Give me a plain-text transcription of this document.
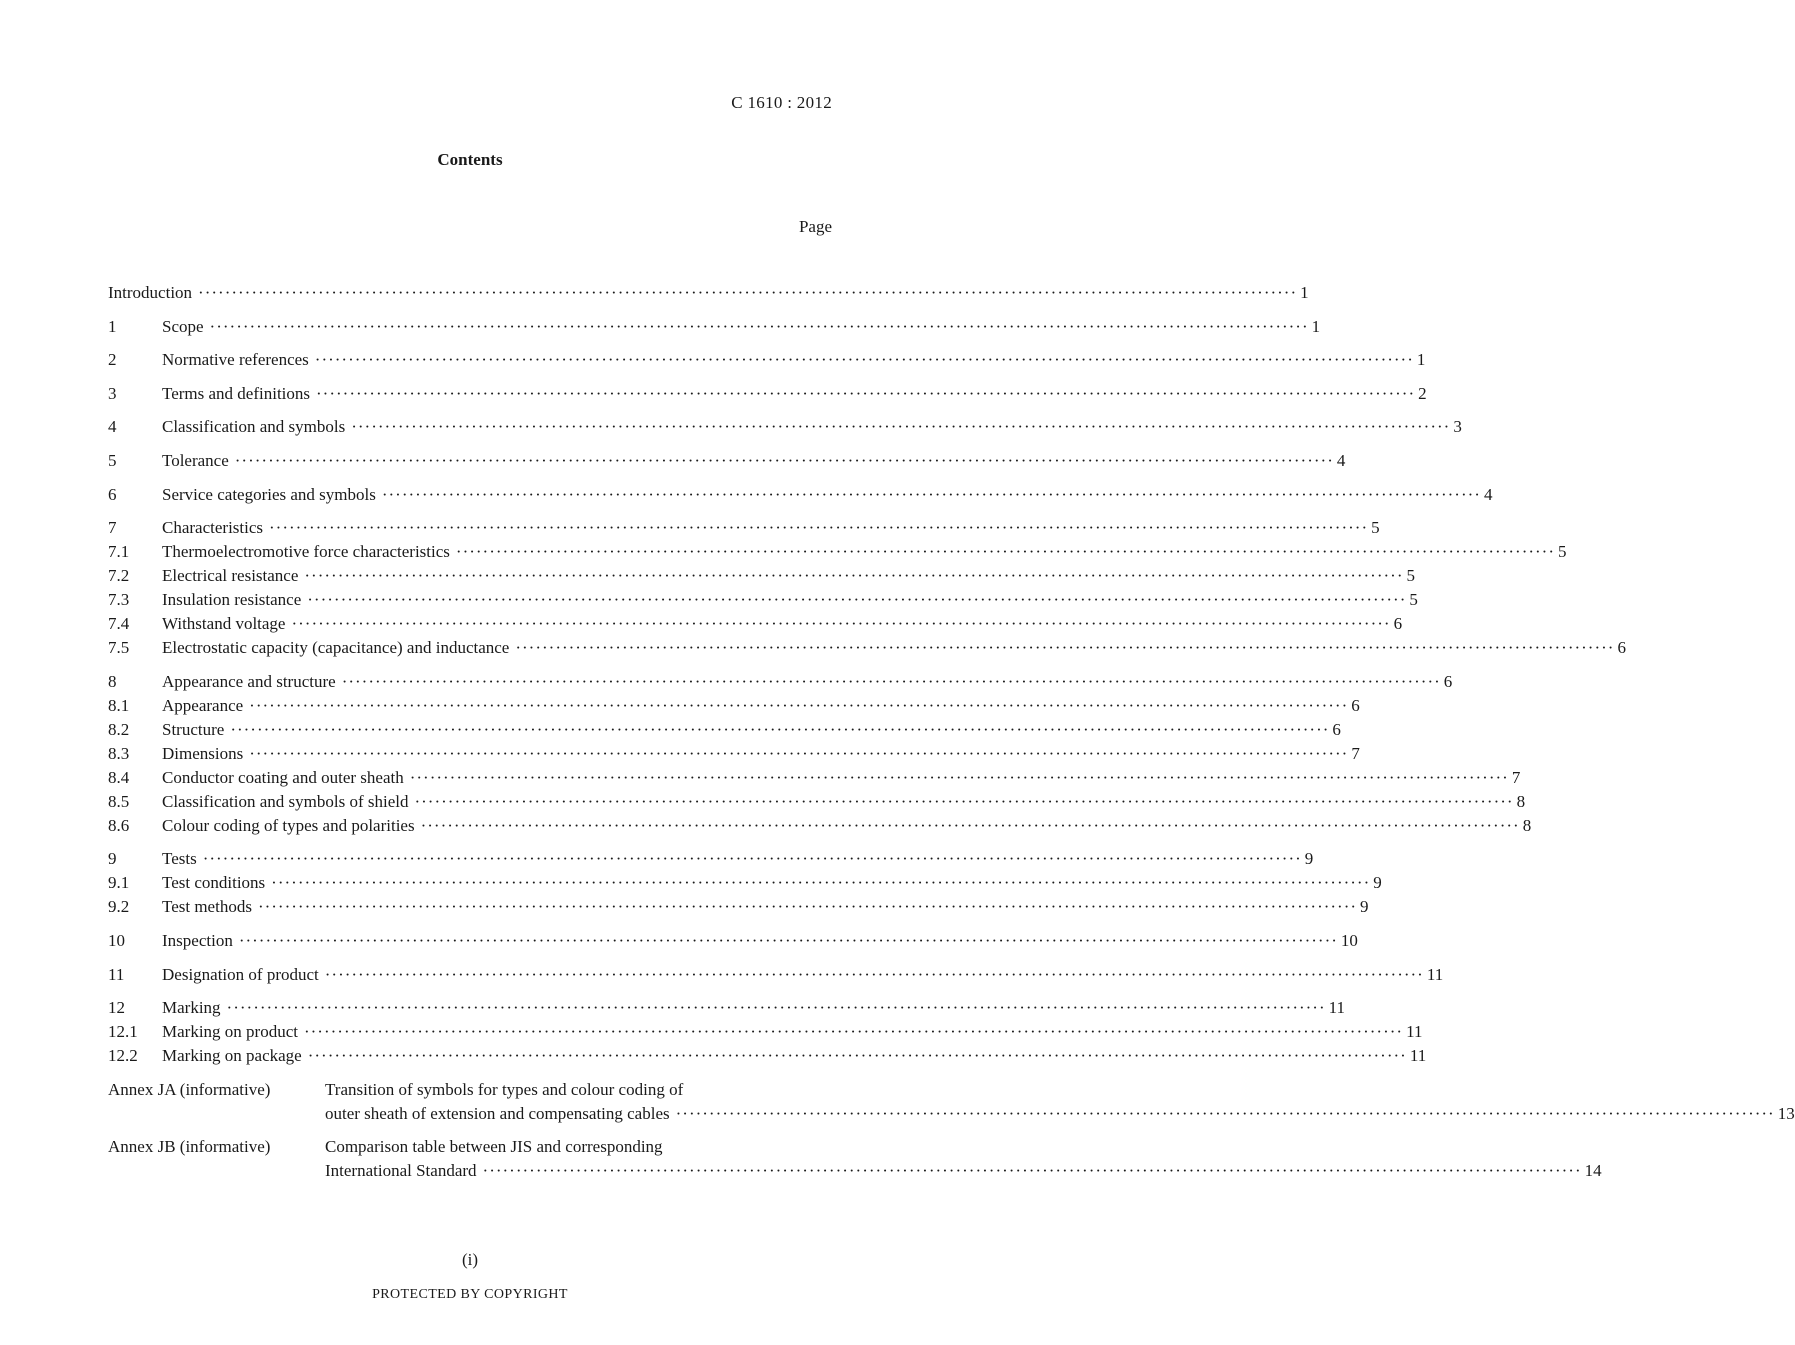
C 1610 : 2012
Contents
Page
Introduction ·····	1
1	Scope ·····	1
2	Normative references ·····	1
3	Terms and definitions ·····	2
4	Classification and symbols ·····	3
5	Tolerance ·····	4
6	Service categories and symbols ·····	4
7	Characteristics ·····	5
7.1	Thermoelectromotive force characteristics ·····	5
7.2	Electrical resistance ·····	5
7.3	Insulation resistance ·····	5
7.4	Withstand voltage ·····	6
7.5	Electrostatic capacity (capacitance) and inductance ·····	6
8	Appearance and structure ·····	6
8.1	Appearance ·····	6
8.2	Structure ·····	6
8.3	Dimensions ·····	7
8.4	Conductor coating and outer sheath ·····	7
8.5	Classification and symbols of shield ·····	8
8.6	Colour coding of types and polarities ·····	8
9	Tests ·····	9
9.1	Test conditions ·····	9
9.2	Test methods ·····	9
10	Inspection ·····	10
11	Designation of product ·····	11
12	Marking ·····	11
12.1	Marking on product ·····	11
12.2	Marking on package ·····	11
Annex JA (informative)	Transition of symbols for types and colour coding of
outer sheath of extension and compensating cables ·····	13
Annex JB (informative)	Comparison table between JIS and corresponding
International Standard ·····	14
(i)
PROTECTED BY COPYRIGHT
